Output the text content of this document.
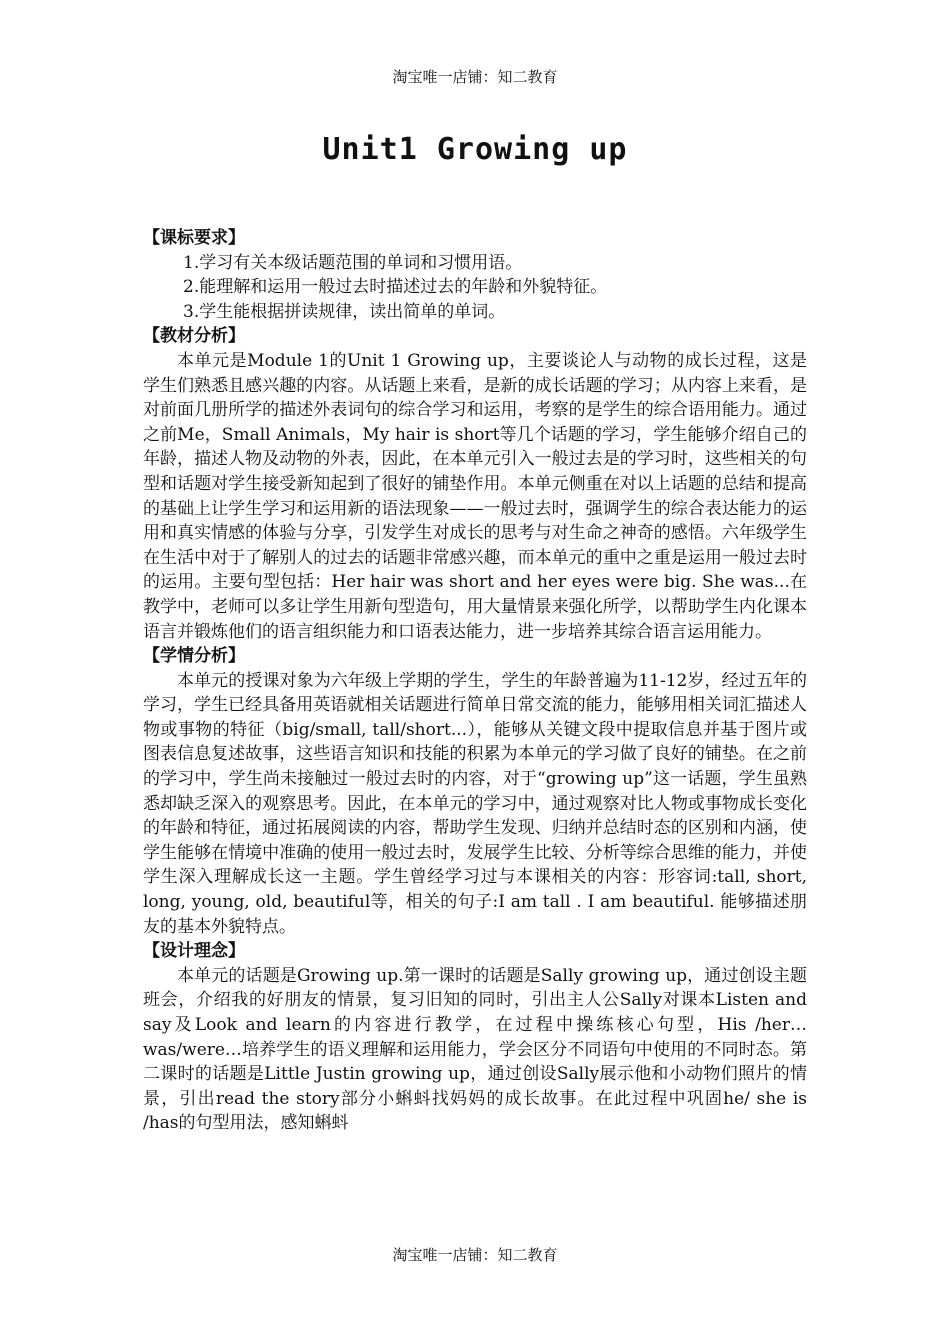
淘宝唯一店铺：知二教育
Unit1 Growing up

【课标要求】

1.学习有关本级话题范围的单词和习惯用语。

2.能理解和运用一般过去时描述过去的年龄和外貌特征。

3.学生能根据拼读规律，读出简单的单词。

【教材分析】

本单元是Module 1的Unit 1 Growing up，主要谈论人与动物的成长过程，这是学生们熟悉且感兴趣的内容。从话题上来看，是新的成长话题的学习；从内容上来看，是对前面几册所学的描述外表词句的综合学习和运用，考察的是学生的综合语用能力。通过之前Me，Small Animals，My hair is short等几个话题的学习，学生能够介绍自己的年龄，描述人物及动物的外表，因此，在本单元引入一般过去是的学习时，这些相关的句型和话题对学生接受新知起到了很好的铺垫作用。本单元侧重在对以上话题的总结和提高的基础上让学生学习和运用新的语法现象——一般过去时，强调学生的综合表达能力的运用和真实情感的体验与分享，引发学生对成长的思考与对生命之神奇的感悟。六年级学生在生活中对于了解别人的过去的话题非常感兴趣，而本单元的重中之重是运用一般过去时的运用。主要句型包括：Her hair was short and her eyes were big. She was...在教学中，老师可以多让学生用新句型造句，用大量情景来强化所学，以帮助学生内化课本语言并锻炼他们的语言组织能力和口语表达能力，进一步培养其综合语言运用能力。

【学情分析】

本单元的授课对象为六年级上学期的学生，学生的年龄普遍为11-12岁，经过五年的学习，学生已经具备用英语就相关话题进行简单日常交流的能力，能够用相关词汇描述人物或事物的特征（big/small, tall/short...），能够从关键文段中提取信息并基于图片或图表信息复述故事，这些语言知识和技能的积累为本单元的学习做了良好的铺垫。在之前的学习中，学生尚未接触过一般过去时的内容，对于“growing up”这一话题，学生虽熟悉却缺乏深入的观察思考。因此，在本单元的学习中，通过观察对比人物或事物成长变化的年龄和特征，通过拓展阅读的内容，帮助学生发现、归纳并总结时态的区别和内涵，使学生能够在情境中准确的使用一般过去时，发展学生比较、分析等综合思维的能力，并使学生深入理解成长这一主题。学生曾经学习过与本课相关的内容：形容词:tall, short, long, young, old, beautiful等，相关的句子:I am tall . I am beautiful. 能够描述朋友的基本外貌特点。

【设计理念】

本单元的话题是Growing up.第一课时的话题是Sally growing up，通过创设主题班会，介绍我的好朋友的情景，复习旧知的同时，引出主人公Sally对课本Listen and say及Look and learn的内容进行教学，在过程中操练核心句型，His /her… was/were…培养学生的语义理解和运用能力，学会区分不同语句中使用的不同时态。第二课时的话题是Little Justin growing up，通过创设Sally展示他和小动物们照片的情景，引出read the story部分小蝌蚪找妈妈的成长故事。在此过程中巩固he/ she is /has的句型用法，感知蝌蚪

淘宝唯一店铺：知二教育
